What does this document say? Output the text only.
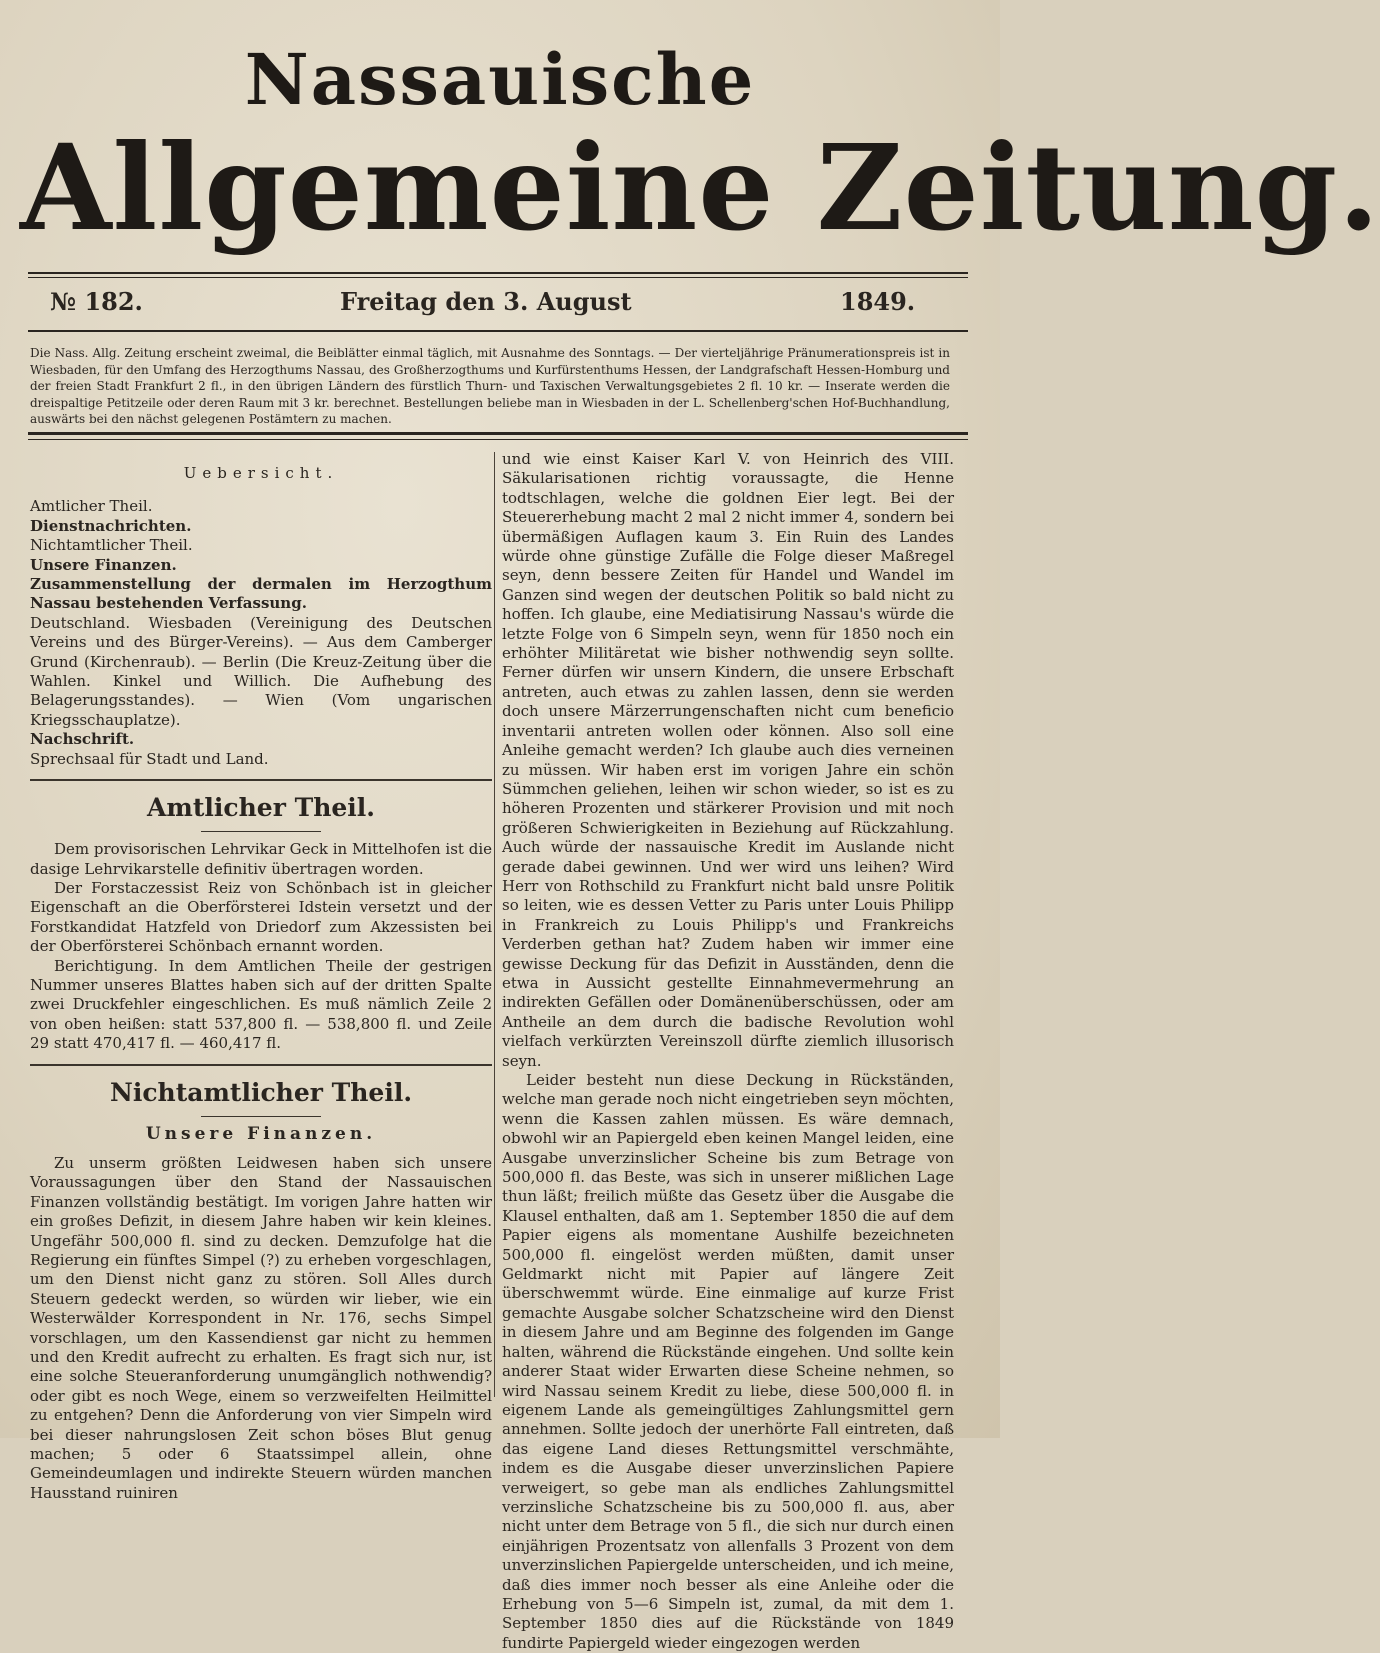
Nassauische
Allgemeine Zeitung.
№ 182.	Freitag den 3. August	1849.
Die Nass. Allg. Zeitung erscheint zweimal, die Beiblätter einmal täglich, mit Ausnahme des Sonntags. — Der vierteljährige Pränumerationspreis ist in Wiesbaden, für den Umfang des Herzogthums Nassau, des Großherzogthums und Kurfürstenthums Hessen, der Landgrafschaft Hessen-Homburg und der freien Stadt Frankfurt 2 fl., in den übrigen Ländern des fürstlich Thurn- und Taxischen Verwaltungsgebietes 2 fl. 10 kr. — Inserate werden die dreispaltige Petitzeile oder deren Raum mit 3 kr. berechnet. Bestellungen beliebe man in Wiesbaden in der L. Schellenberg'schen Hof-Buchhandlung, auswärts bei den nächst gelegenen Postämtern zu machen.
Uebersicht.

Amtlicher Theil.

Dienstnachrichten.

Nichtamtlicher Theil.

Unsere Finanzen.

Zusammenstellung der dermalen im Herzogthum Nassau bestehenden Verfassung.

Deutschland. Wiesbaden (Vereinigung des Deutschen Vereins und des Bürger-Vereins). — Aus dem Camberger Grund (Kirchenraub). — Berlin (Die Kreuz-Zeitung über die Wahlen. Kinkel und Willich. Die Aufhebung des Belagerungsstandes). — Wien (Vom ungarischen Kriegsschauplatze).

Nachschrift.

Sprechsaal für Stadt und Land.

Amtlicher Theil.

Dem provisorischen Lehrvikar Geck in Mittelhofen ist die dasige Lehrvikarstelle definitiv übertragen worden.

Der Forstaczessist Reiz von Schönbach ist in gleicher Eigenschaft an die Oberförsterei Idstein versetzt und der Forstkandidat Hatzfeld von Driedorf zum Akzessisten bei der Oberförsterei Schönbach ernannt worden.

Berichtigung. In dem Amtlichen Theile der gestrigen Nummer unseres Blattes haben sich auf der dritten Spalte zwei Druckfehler eingeschlichen. Es muß nämlich Zeile 2 von oben heißen: statt 537,800 fl. — 538,800 fl. und Zeile 29 statt 470,417 fl. — 460,417 fl.

Nichtamtlicher Theil.
Unsere Finanzen.

Zu unserm größten Leidwesen haben sich unsere Voraussagungen über den Stand der Nassauischen Finanzen vollständig bestätigt. Im vorigen Jahre hatten wir ein großes Defizit, in diesem Jahre haben wir kein kleines. Ungefähr 500,000 fl. sind zu decken. Demzufolge hat die Regierung ein fünftes Simpel (?) zu erheben vorgeschlagen, um den Dienst nicht ganz zu stören. Soll Alles durch Steuern gedeckt werden, so würden wir lieber, wie ein Westerwälder Korrespondent in Nr. 176, sechs Simpel vorschlagen, um den Kassendienst gar nicht zu hemmen und den Kredit aufrecht zu erhalten. Es fragt sich nur, ist eine solche Steueranforderung unumgänglich nothwendig? oder gibt es noch Wege, einem so verzweifelten Heilmittel zu entgehen? Denn die Anforderung von vier Simpeln wird bei dieser nahrungslosen Zeit schon böses Blut genug machen; 5 oder 6 Staatssimpel allein, ohne Gemeindeumlagen und indirekte Steuern würden manchen Hausstand ruiniren

und wie einst Kaiser Karl V. von Heinrich des VIII. Säkularisationen richtig voraussagte, die Henne todtschlagen, welche die goldnen Eier legt. Bei der Steuererhebung macht 2 mal 2 nicht immer 4, sondern bei übermäßigen Auflagen kaum 3. Ein Ruin des Landes würde ohne günstige Zufälle die Folge dieser Maßregel seyn, denn bessere Zeiten für Handel und Wandel im Ganzen sind wegen der deutschen Politik so bald nicht zu hoffen. Ich glaube, eine Mediatisirung Nassau's würde die letzte Folge von 6 Simpeln seyn, wenn für 1850 noch ein erhöhter Militäretat wie bisher nothwendig seyn sollte. Ferner dürfen wir unsern Kindern, die unsere Erbschaft antreten, auch etwas zu zahlen lassen, denn sie werden doch unsere Märzerrungenschaften nicht cum beneficio inventarii antreten wollen oder können. Also soll eine Anleihe gemacht werden? Ich glaube auch dies verneinen zu müssen. Wir haben erst im vorigen Jahre ein schön Sümmchen geliehen, leihen wir schon wieder, so ist es zu höheren Prozenten und stärkerer Provision und mit noch größeren Schwierigkeiten in Beziehung auf Rückzahlung. Auch würde der nassauische Kredit im Auslande nicht gerade dabei gewinnen. Und wer wird uns leihen? Wird Herr von Rothschild zu Frankfurt nicht bald unsre Politik so leiten, wie es dessen Vetter zu Paris unter Louis Philipp in Frankreich zu Louis Philipp's und Frankreichs Verderben gethan hat? Zudem haben wir immer eine gewisse Deckung für das Defizit in Ausständen, denn die etwa in Aussicht gestellte Einnahmevermehrung an indirekten Gefällen oder Domänenüberschüssen, oder am Antheile an dem durch die badische Revolution wohl vielfach verkürzten Vereinszoll dürfte ziemlich illusorisch seyn.

Leider besteht nun diese Deckung in Rückständen, welche man gerade noch nicht eingetrieben seyn möchten, wenn die Kassen zahlen müssen. Es wäre demnach, obwohl wir an Papiergeld eben keinen Mangel leiden, eine Ausgabe unverzinslicher Scheine bis zum Betrage von 500,000 fl. das Beste, was sich in unserer mißlichen Lage thun läßt; freilich müßte das Gesetz über die Ausgabe die Klausel enthalten, daß am 1. September 1850 die auf dem Papier eigens als momentane Aushilfe bezeichneten 500,000 fl. eingelöst werden müßten, damit unser Geldmarkt nicht mit Papier auf längere Zeit überschwemmt würde. Eine einmalige auf kurze Frist gemachte Ausgabe solcher Schatzscheine wird den Dienst in diesem Jahre und am Beginne des folgenden im Gange halten, während die Rückstände eingehen. Und sollte kein anderer Staat wider Erwarten diese Scheine nehmen, so wird Nassau seinem Kredit zu liebe, diese 500,000 fl. in eigenem Lande als gemeingültiges Zahlungsmittel gern annehmen. Sollte jedoch der unerhörte Fall eintreten, daß das eigene Land dieses Rettungsmittel verschmähte, indem es die Ausgabe dieser unverzinslichen Papiere verweigert, so gebe man als endliches Zahlungsmittel verzinsliche Schatzscheine bis zu 500,000 fl. aus, aber nicht unter dem Betrage von 5 fl., die sich nur durch einen einjährigen Prozentsatz von allenfalls 3 Prozent von dem unverzinslichen Papiergelde unterscheiden, und ich meine, daß dies immer noch besser als eine Anleihe oder die Erhebung von 5—6 Simpeln ist, zumal, da mit dem 1. September 1850 dies auf die Rückstände von 1849 fundirte Papiergeld wieder eingezogen werden
